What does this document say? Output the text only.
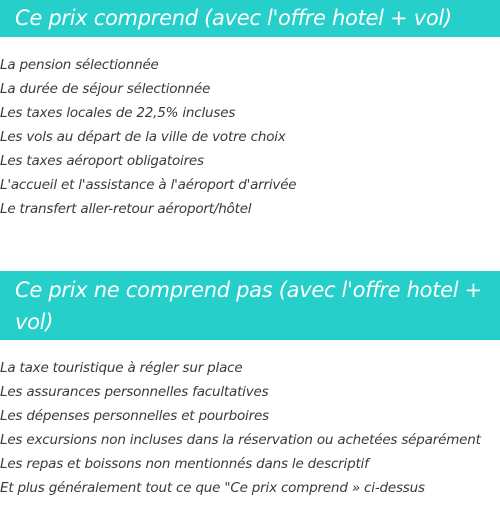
Ce prix comprend (avec l'offre hotel + vol)
La pension sélectionnée
La durée de séjour sélectionnée
Les taxes locales de 22,5% incluses
Les vols au départ de la ville de votre choix
Les taxes aéroport obligatoires
L'accueil et l'assistance à l'aéroport d'arrivée
Le transfert aller-retour aéroport/hôtel
Ce prix ne comprend pas (avec l'offre hotel + vol)
La taxe touristique à régler sur place
Les assurances personnelles facultatives
Les dépenses personnelles et pourboires
Les excursions non incluses dans la réservation ou achetées séparément
Les repas et boissons non mentionnés dans le descriptif
Et plus généralement tout ce que "Ce prix comprend » ci-dessus
